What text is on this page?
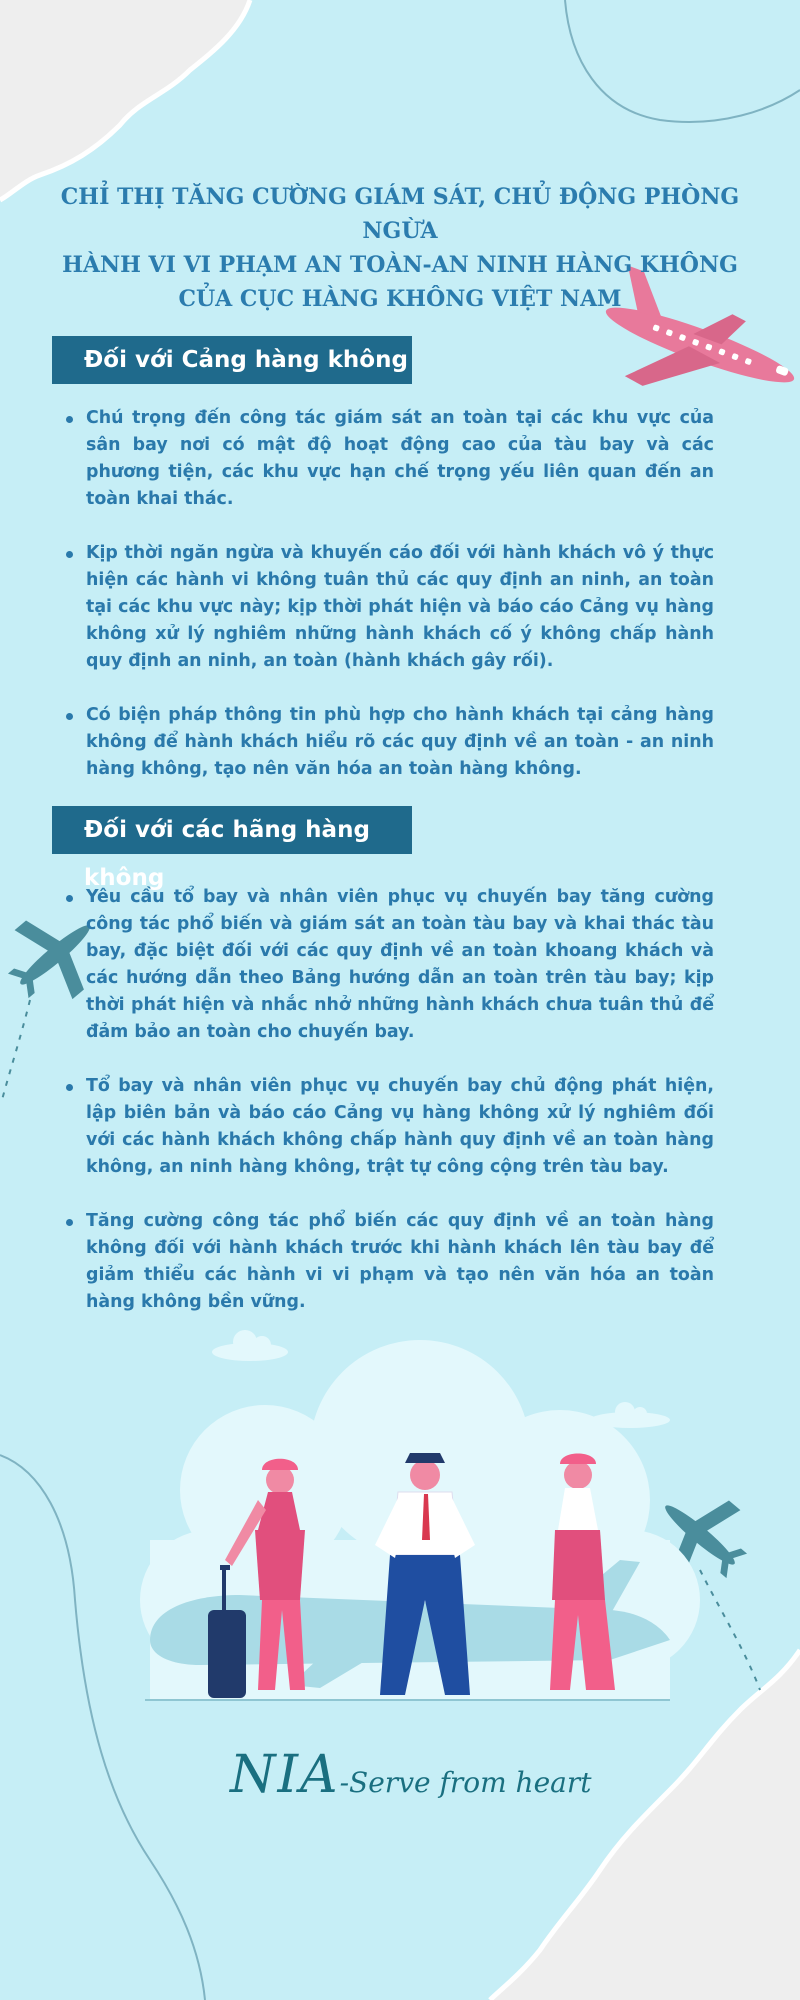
CHỈ THỊ TĂNG CƯỜNG GIÁM SÁT, CHỦ ĐỘNG PHÒNG NGỪA
HÀNH VI VI PHẠM AN TOÀN-AN NINH HÀNG KHÔNG
CỦA CỤC HÀNG KHÔNG VIỆT NAM
Đối với Cảng hàng không
Chú trọng đến công tác giám sát an toàn tại các khu vực của sân bay nơi có mật độ hoạt động cao của tàu bay và các phương tiện, các khu vực hạn chế trọng yếu liên quan đến an toàn khai thác.
Kịp thời ngăn ngừa và khuyến cáo đối với hành khách vô ý thực hiện các hành vi không tuân thủ các quy định an ninh, an toàn tại các khu vực này; kịp thời phát hiện và báo cáo Cảng vụ hàng không xử lý nghiêm những hành khách cố ý không chấp hành quy định an ninh, an toàn (hành khách gây rối).
Có biện pháp thông tin phù hợp cho hành khách tại cảng hàng không để hành khách hiểu rõ các quy định về an toàn - an ninh hàng không, tạo nên văn hóa an toàn hàng không.
Đối với các hãng hàng không
Yêu cầu tổ bay và nhân viên phục vụ chuyến bay tăng cường công tác phổ biến và giám sát an toàn tàu bay và khai thác tàu bay, đặc biệt đối với các quy định về an toàn khoang khách và các hướng dẫn theo Bảng hướng dẫn an toàn trên tàu bay; kịp thời phát hiện và nhắc nhở những hành khách chưa tuân thủ để đảm bảo an toàn cho chuyến bay.
Tổ bay và nhân viên phục vụ chuyến bay chủ động phát hiện, lập biên bản và báo cáo Cảng vụ hàng không xử lý nghiêm đối với các hành khách không chấp hành quy định về an toàn hàng không, an ninh hàng không, trật tự công cộng trên tàu bay.
Tăng cường công tác phổ biến các quy định về an toàn hàng không đối với hành khách trước khi hành khách lên tàu bay để giảm thiểu các hành vi vi phạm và tạo nên văn hóa an toàn hàng không bền vững.
NIA-Serve from heart
